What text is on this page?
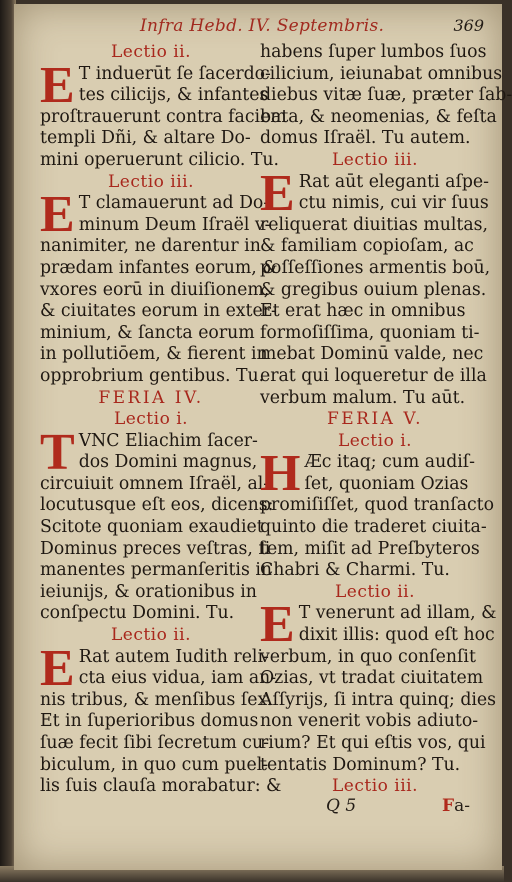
Infra Hebd. IV. Septembris.	369
Lectio ii.
E T induerūt ſe ſacerdo-
tes cilicijs, & infantes
proſtrauerunt contra faciem
templi Dñi, & altare Do-
mini operuerunt cilicio. Tu.
Lectio iii.
E T clamauerunt ad Do-
minum Deum Iſraël v-
nanimiter, ne darentur in
prædam infantes eorum, &
vxores eorū in diuiſionem,
& ciuitates eorum in exter-
minium, & ſancta eorum
in pollutiōem, & fierent in
opprobrium gentibus. Tu.
FERIA IV.
Lectio i.
T VNC Eliachim ſacer-
dos Domini magnus,
circuiuit omnem Iſraël, al-
locutusque eſt eos, dicens:
Scitote quoniam exaudiet
Dominus preces veſtras, ſi
manentes permanſeritis in
ieiunijs, & orationibus in
conſpectu Domini. Tu.
Lectio ii.
E Rat autem Iudith reli-
cta eius vidua, iam an-
nis tribus, & menſibus ſex.
Et in ſuperioribus domus
ſuæ fecit ſibi ſecretum cu-
biculum, in quo cum puel-
lis ſuis clauſa morabatur: &
habens ſuper lumbos ſuos
cilicium, ieiunabat omnibus
diebus vitæ ſuæ, præter ſab-
bata, & neomenias, & feſta
domus Iſraël. Tu autem.
Lectio iii.
E Rat aūt eleganti aſpe-
ctu nimis, cui vir ſuus
reliquerat diuitias multas,
& familiam copioſam, ac
poſſeſſiones armentis boū,
& gregibus ouium plenas.
Et erat hæc in omnibus
formoſiſſima, quoniam ti-
mebat Dominū valde, nec
erat qui loqueretur de illa
verbum malum. Tu aūt.
FERIA V.
Lectio i.
H Æc itaq; cum audiſ-
ſet, quoniam Ozias
promiſiſſet, quod tranſacto
quinto die traderet ciuita-
tem, miſit ad Preſbyteros
Chabri & Charmi. Tu.
Lectio ii.
E T venerunt ad illam, &
dixit illis: quod eſt hoc
verbum, in quo conſenſit
Ozias, vt tradat ciuitatem
Aſſyrijs, ſi intra quinq; dies
non venerit vobis adiuto-
rium? Et qui eſtis vos, qui
tentatis Dominum? Tu.
Lectio iii.
Q 5	Fa-
